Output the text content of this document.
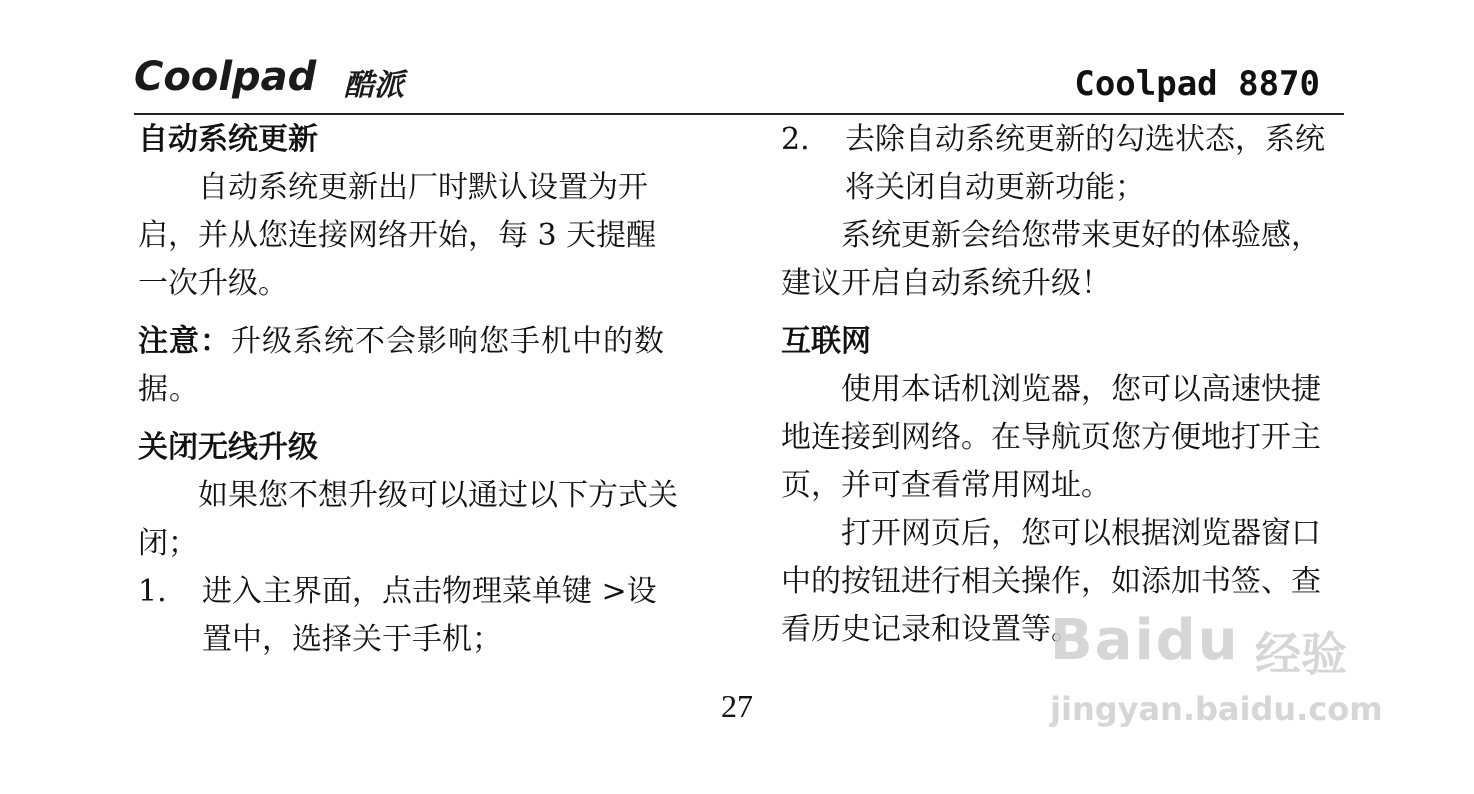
Coolpad 酷派	Coolpad 8870
自动系统更新

自动系统更新出厂时默认设置为开启，并从您连接网络开始，每 3 天提醒一次升级。

注意：升级系统不会影响您手机中的数据。

关闭无线升级

如果您不想升级可以通过以下方式关闭；

1. 进入主界面，点击物理菜单键 >设置中，选择关于手机；
2. 去除自动系统更新的勾选状态，系统将关闭自动更新功能；

系统更新会给您带来更好的体验感，建议开启自动系统升级！

互联网

使用本话机浏览器，您可以高速快捷地连接到网络。在导航页您方便地打开主页，并可查看常用网址。

打开网页后，您可以根据浏览器窗口中的按钮进行相关操作，如添加书签、查看历史记录和设置等。

27
Baidu 经验
jingyan.baidu.com
